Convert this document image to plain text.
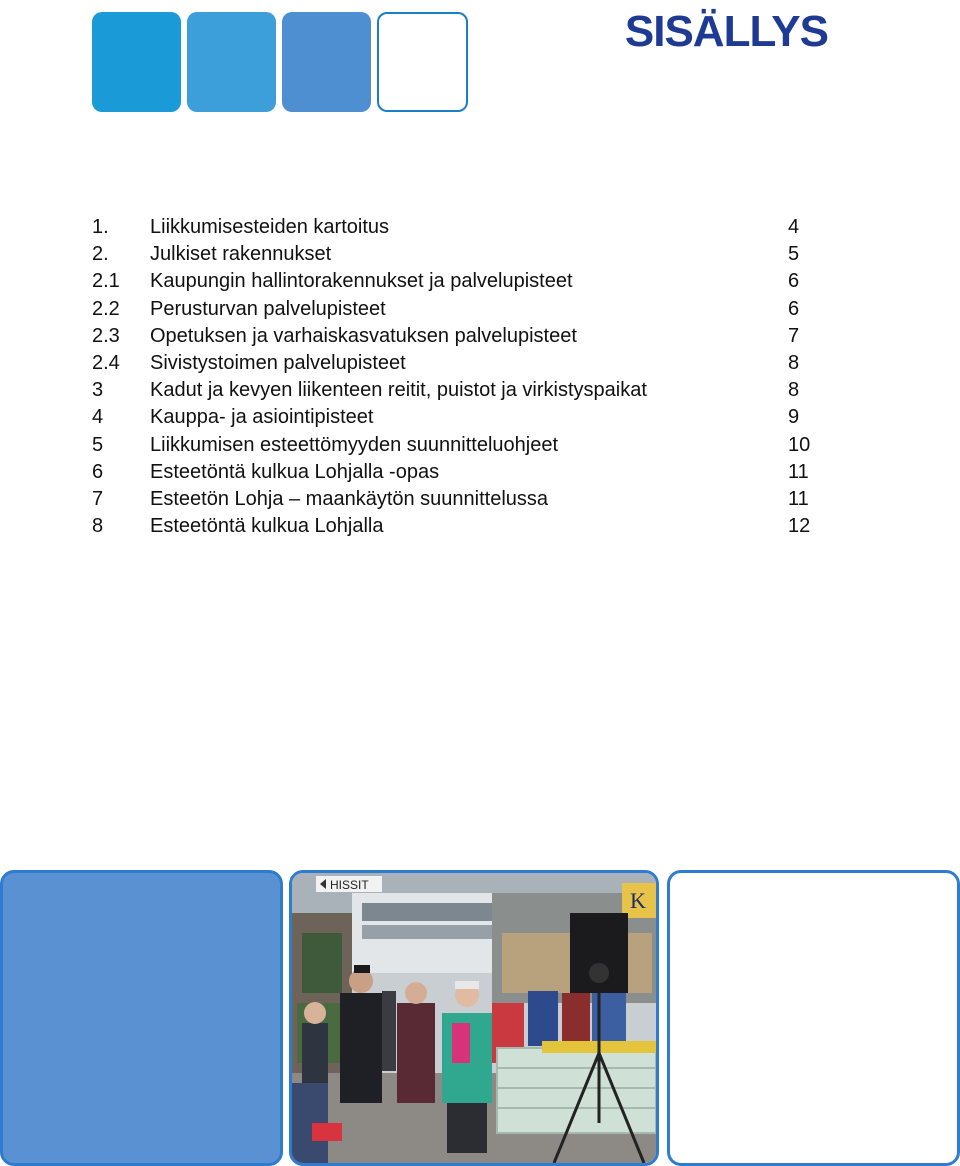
SISÄLLYS
1. Liikkumisesteiden kartoitus	4
2. Julkiset rakennukset	5
2.1 Kaupungin hallintorakennukset ja palvelupisteet	6
2.2 Perusturvan palvelupisteet	6
2.3 Opetuksen ja varhaiskasvatuksen palvelupisteet	7
2.4 Sivistystoimen palvelupisteet	8
3 Kadut ja kevyen liikenteen reitit, puistot ja virkistyspaikat	8
4 Kauppa- ja asiointipisteet	9
5 Liikkumisen esteettömyyden suunnitteluohjeet	10
6 Esteetöntä kulkua Lohjalla -opas	11
7 Esteetön Lohja – maankäytön suunnittelussa	11
8 Esteetöntä kulkua Lohjalla	12
K
HISSIT
